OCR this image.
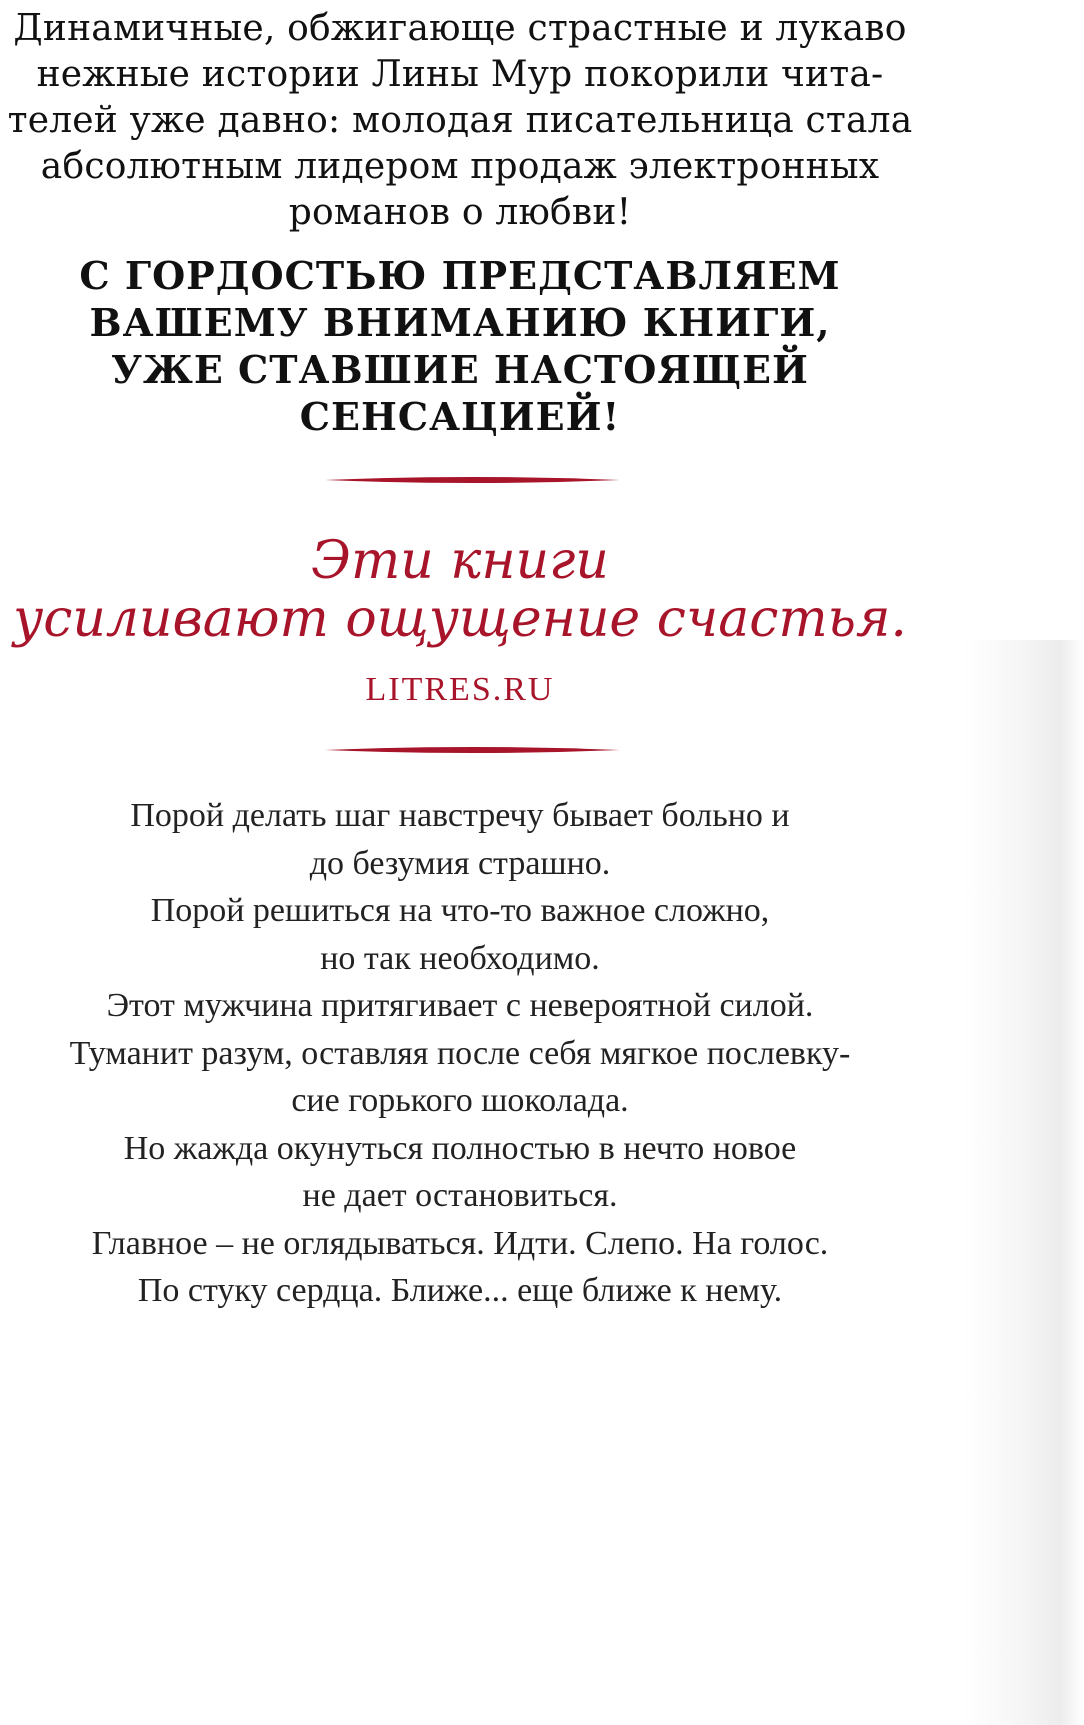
Динамичные, обжигающе страстные и лукаво
нежные истории Лины Мур покорили чита-
телей уже давно: молодая писательница стала
абсолютным лидером продаж электронных
романов о любви!
С ГОРДОСТЬЮ ПРЕДСТАВЛЯЕМ
ВАШЕМУ ВНИМАНИЮ КНИГИ,
УЖЕ СТАВШИЕ НАСТОЯЩЕЙ
СЕНСАЦИЕЙ!
Эти книги
усиливают ощущение счастья.
LITRES.RU
Порой делать шаг навстречу бывает больно и
до безумия страшно.
Порой решиться на что-то важное сложно,
но так необходимо.
Этот мужчина притягивает с невероятной силой.
Туманит разум, оставляя после себя мягкое послевку-
сие горького шоколада.
Но жажда окунуться полностью в нечто новое
не дает остановиться.
Главное – не оглядываться. Идти. Слепо. На голос.
По стуку сердца. Ближе... еще ближе к нему.
